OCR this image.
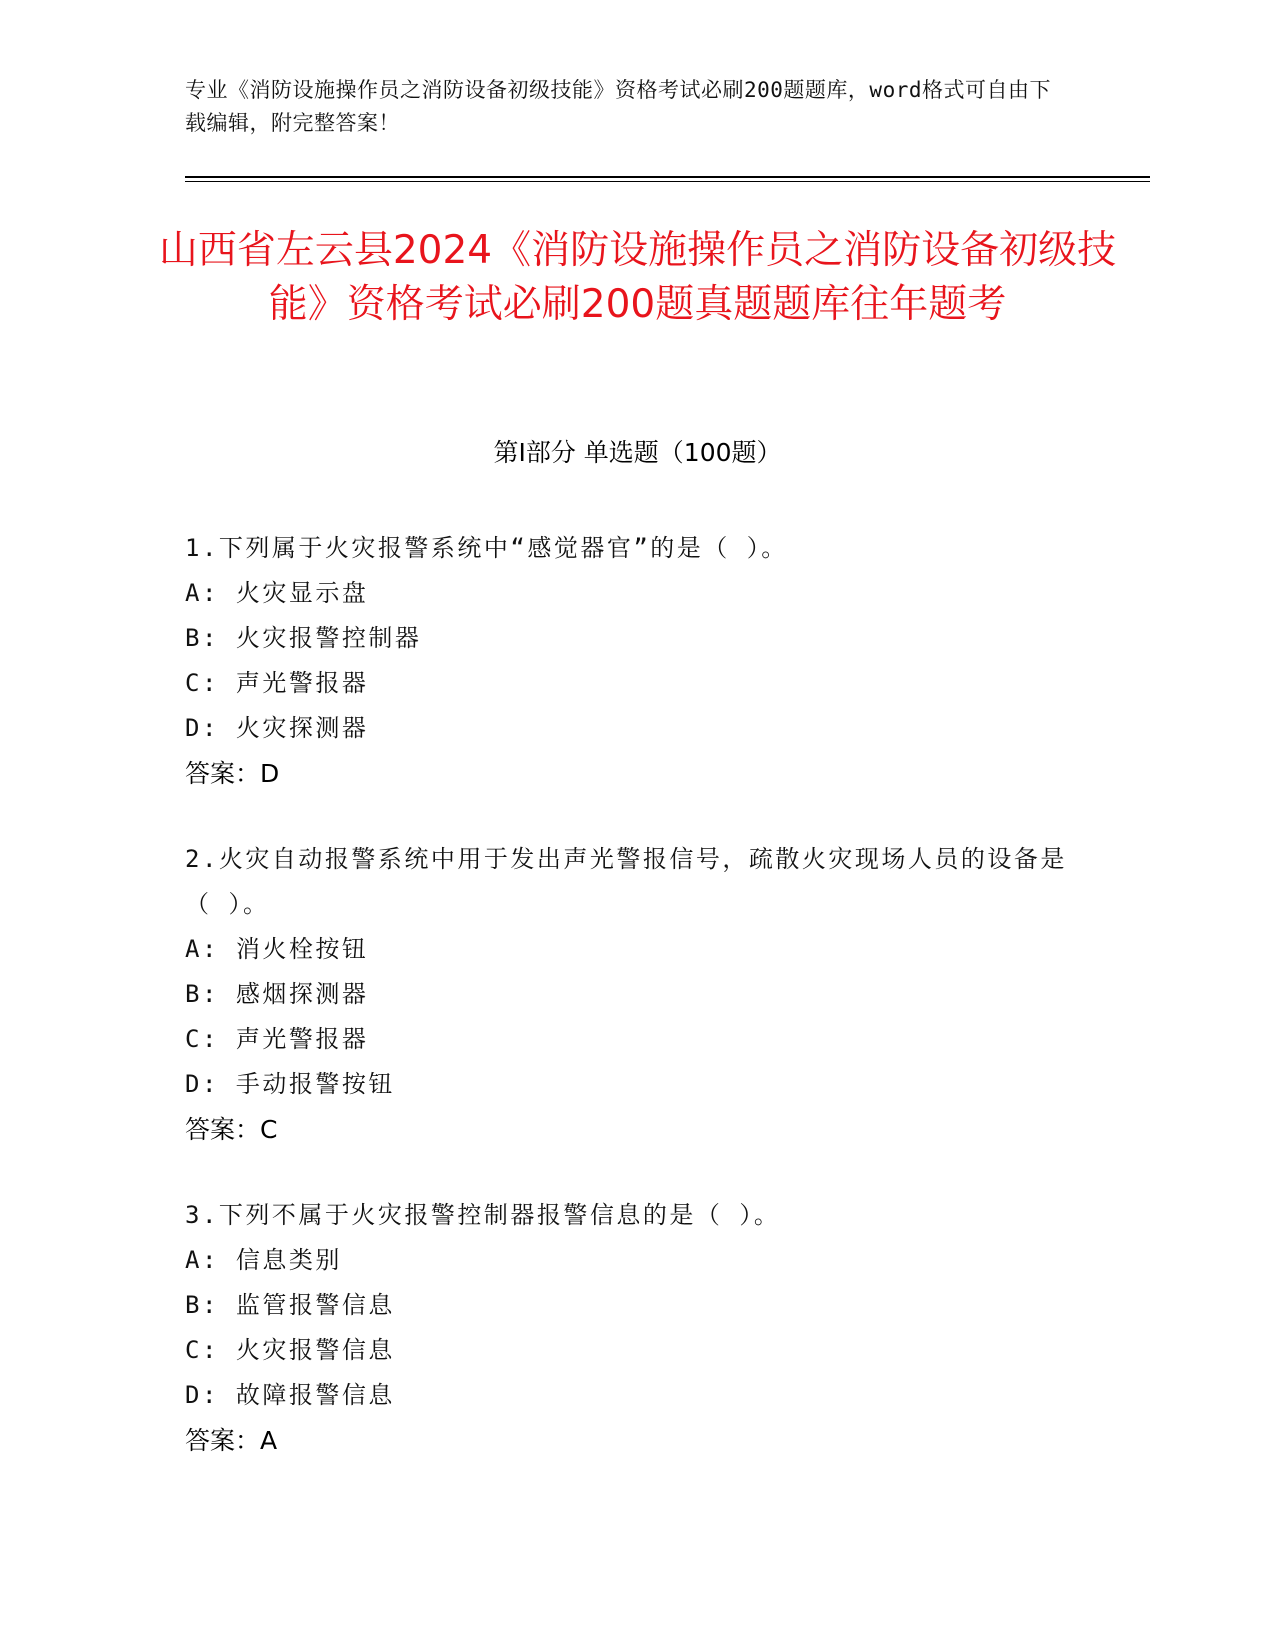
专业《消防设施操作员之消防设备初级技能》资格考试必刷200题题库，word格式可自由下载编辑，附完整答案！
山西省左云县2024《消防设施操作员之消防设备初级技能》资格考试必刷200题真题题库往年题考
第Ⅰ部分 单选题（100题）
1.下列属于火灾报警系统中“感觉器官”的是（ ）。
A: 火灾显示盘
B: 火灾报警控制器
C: 声光警报器
D: 火灾探测器
答案：D
2.火灾自动报警系统中用于发出声光警报信号，疏散火灾现场人员的设备是（ ）。
A: 消火栓按钮
B: 感烟探测器
C: 声光警报器
D: 手动报警按钮
答案：C
3.下列不属于火灾报警控制器报警信息的是（ ）。
A: 信息类别
B: 监管报警信息
C: 火灾报警信息
D: 故障报警信息
答案：A
